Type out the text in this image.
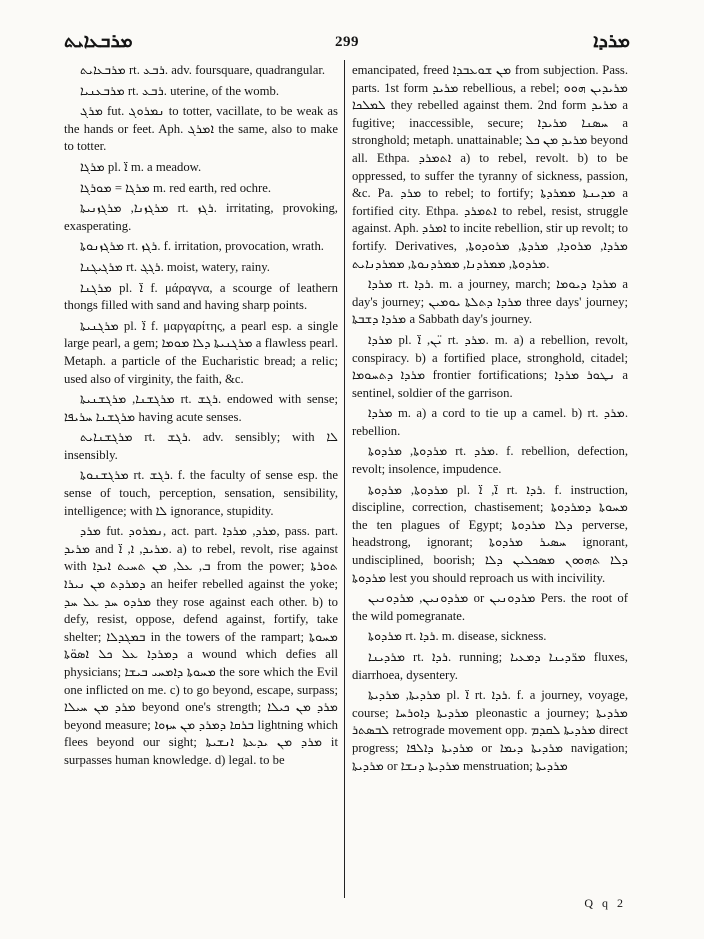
ܡܪܒܥܐܝܬ	299	ܡܪܕܐ

ܡܪܒܥܐܝܬ rt. ܪܒܥ. adv. foursquare, quadrangular.

ܡܪܒܥܢܝܐ rt. ܪܒܥ. uterine, of the womb.

ܡܪܓ fut. ܢܡܪܘܓ to totter, vacillate, to be weak as the hands or feet. Aph. ܐܡܪܓ the same, also to make to totter.

ܡܪܓܐ pl. ܐ̈ m. a meadow.

ܡܪܓܐ = ܡܘܪܓܐ m. red earth, red ochre.

ܡܪܓܙܢܐ, ܡܪܓܙܢܝܬܐ rt. ܪܓܙ. irritating, provoking, exasperating.

ܡܪܓܙܢܘܬܐ rt. ܪܓܙ. f. irritation, provocation, wrath.

ܡܪܓܝܓܢܐ rt. ܪܓܓ. moist, watery, rainy.

ܡܪܓܢܐ pl. ܐ̈ f. μάραγνα, a scourge of leathern thongs filled with sand and having sharp points.

ܡܪܓܢܝܬܐ pl. ܐ̈ f. μαργαρίτης, a pearl esp. a single large pearl, a gem; ܡܪܓܢܝܬܐ ܕܠܐ ܡܘܡܐ a flawless pearl. Metaph. a particle of the Eucharistic bread; a relic; used also of virginity, the faith, &c.

ܡܪܓܫܢܐ, ܡܪܓܫܢܝܬܐ rt. ܪܓܫ. endowed with sense; ܡܪܓܫܢܐ ܚܪܝܦܐ having acute senses.

ܡܪܓܫܢܐܝܬ rt. ܪܓܫ. adv. sensibly; with ܠܐ insensibly.

ܡܪܓܫܢܘܬܐ rt. ܪܓܫ. f. the faculty of sense esp. the sense of touch, perception, sensation, sensibility, intelligence; with ܠܐ ignorance, stupidity.

ܡܪܕ fut. ܢܡܪܘܕ, act. part. ܡܪܕ, ܡܪܕܐ, pass. part. ܡܪܝܕ and ܡܪܝܕ, ܐ, ܐ̈. a) to rebel, revolt, rise against with ܒ, ܥܠ, ܡܢ ܬܚܝܬ ܐܝܕܐ from the power; ܬܘܪܬܐ ܕܡܪܕܬ ܡܢ ܢܝܪܐ an heifer rebelled against the yoke; ܡܪܕܘ ܚܕ ܥܠ ܚܕ they rose against each other. b) to defy, resist, oppose, defend against, fortify, take shelter; ܒܡܓܕܠܐ in the towers of the rampart; ܡܚܘܬܐ ܕܡܪܕܐ ܥܠ ܟܠ ܐܣܘ̈ܬܐ a wound which defies all physicians; ܡܚܘܬܐ ܕܐܡܚܝ ܒܝܫܐ the sore which the Evil one inflicted on me. c) to go beyond, escape, surpass; ܡܪܕ ܡܢ ܚܝܠܐ beyond one's strength; ܡܪܕ ܡܢ ܟܝܠܐ beyond measure; ܒܪܩܐ ܕܡܪܕ ܡܢ ܚܙܘܐ lightning which flees beyond our sight; ܡܪܕ ܡܢ ܝܕܥܬܐ ܐܢܫܝܬܐ it surpasses human knowledge. d) legal. to be

emancipated, freed ܡܢ ܫܘܥܒܕܐ from subjection. Pass. parts. 1st form ܡܪܝܕ rebellious, a rebel; ܡܪܝܕܝܢ ܗܘܘ ܠܡܠܟܐ they rebelled against them. 2nd form ܡܪܝܕ a fugitive; inaccessible, secure; ܚܣܢܐ ܡܪܝܕܐ a stronghold; metaph. unattainable; ܡܪܝܕ ܡܢ ܟܠ beyond all. Ethpa. ܐܬܡܪܕ a) to rebel, revolt. b) to be oppressed, to suffer the tyranny of sickness, passion, &c. Pa. ܡܪܕ to rebel; to fortify; ܡܕܝܢܬܐ ܡܡܪܕܬܐ a fortified city. Ethpa. ܐܬܡܪܕ to rebel, resist, struggle against. Aph. ܐܡܪܕ to incite rebellion, stir up revolt; to fortify. Derivatives, ܡܪܕܐ, ܡܪܘܕܐ, ܡܪܕܬܐ, ܡܪܘܕܘܬܐ, ܡܪܕܘܬܐ, ܡܡܪܕܢܐ, ܡܡܪܕܢܘܬܐ, ܡܡܪܕܢܐܝܬ.

ܡܪܕܐ rt. ܪܕܐ. m. a journey, march; ܡܪܕܐ ܕܝܘܡܐ a day's journey; ܡܪܕܐ ܕܬܠܬܐ ܝܘܡܝܢ three days' journey; ܡܪܕܐ ܕܫܒܬܐ a Sabbath day's journey.

ܡܪܕܐ pl. ܝ̈ܢ, ܐ̈ rt. ܡܪܕ. m. a) a rebellion, revolt, conspiracy. b) a fortified place, stronghold, citadel; ܡܪܕܐ ܕܬܚܘܡܐ frontier fortifications; ܢܛܘܪ ܡܪܕܐ a sentinel, soldier of the garrison.

ܡܪܕܐ m. a) a cord to tie up a camel. b) rt. ܡܪܕ. rebellion.

ܡܪܕܘܬܐ, ܡܪܕܘܬܐ rt. ܡܪܕ. f. rebellion, defection, revolt; insolence, impudence.

ܡܪܕܘܬܐ, ܡܪܕܘܬܐ pl. ܐ̈, ܐ̈ rt. ܪܕܐ. f. instruction, discipline, correction, chastisement; ܡܚܘܬܐ ܕܡܪܕܘܬܐ the ten plagues of Egypt; ܕܠܐ ܡܪܕܘܬܐ perverse, headstrong, ignorant; ܚܣܝܪ ܡܪܕܘܬܐ ignorant, undisciplined, boorish; ܕܠܐ ܬܗܘܘܢ ܡܣܟܠܝܢ ܕܠܐ ܡܪܕܘܬܐ lest you should reproach us with incivility.

ܡܪܕܘܢܝܢ, ܡܪܕܘܢܝܢ or ܡܪܕܘܢܝܢ Pers. the root of the wild pomegranate.

ܡܪܕܘܬܐ rt. ܪܕܐ. m. disease, sickness.

ܡܪܕܝܢܐ rt. ܪܕܐ. running; ܡܪ̈ܕܝܢܐ ܕܡܥܝܐ fluxes, diarrhoea, dysentery.

ܡܪܕܝܬܐ, ܡܪܕܝܬܐ pl. ܐ̈ rt. ܪܕܐ. f. a journey, voyage, course; ܡܪܕܝܬܐ ܕܐܘܪܚܐ pleonastic a journey; ܡܪܕܝܬܐ ܠܒܣܬܪ retrograde movement opp. ܡܪܕܝܬܐ ܠܩܕܡ direct progress; ܡܪܕܝܬܐ ܕܐܠܦܐ or ܡܪܕܝܬܐ ܕܝܡܐ navigation; ܡܪܕܝܬܐ or ܡܪܕܝܬܐ ܕܢܫܐ menstruation; ܡܪܕܝܬܐ

Q q 2
